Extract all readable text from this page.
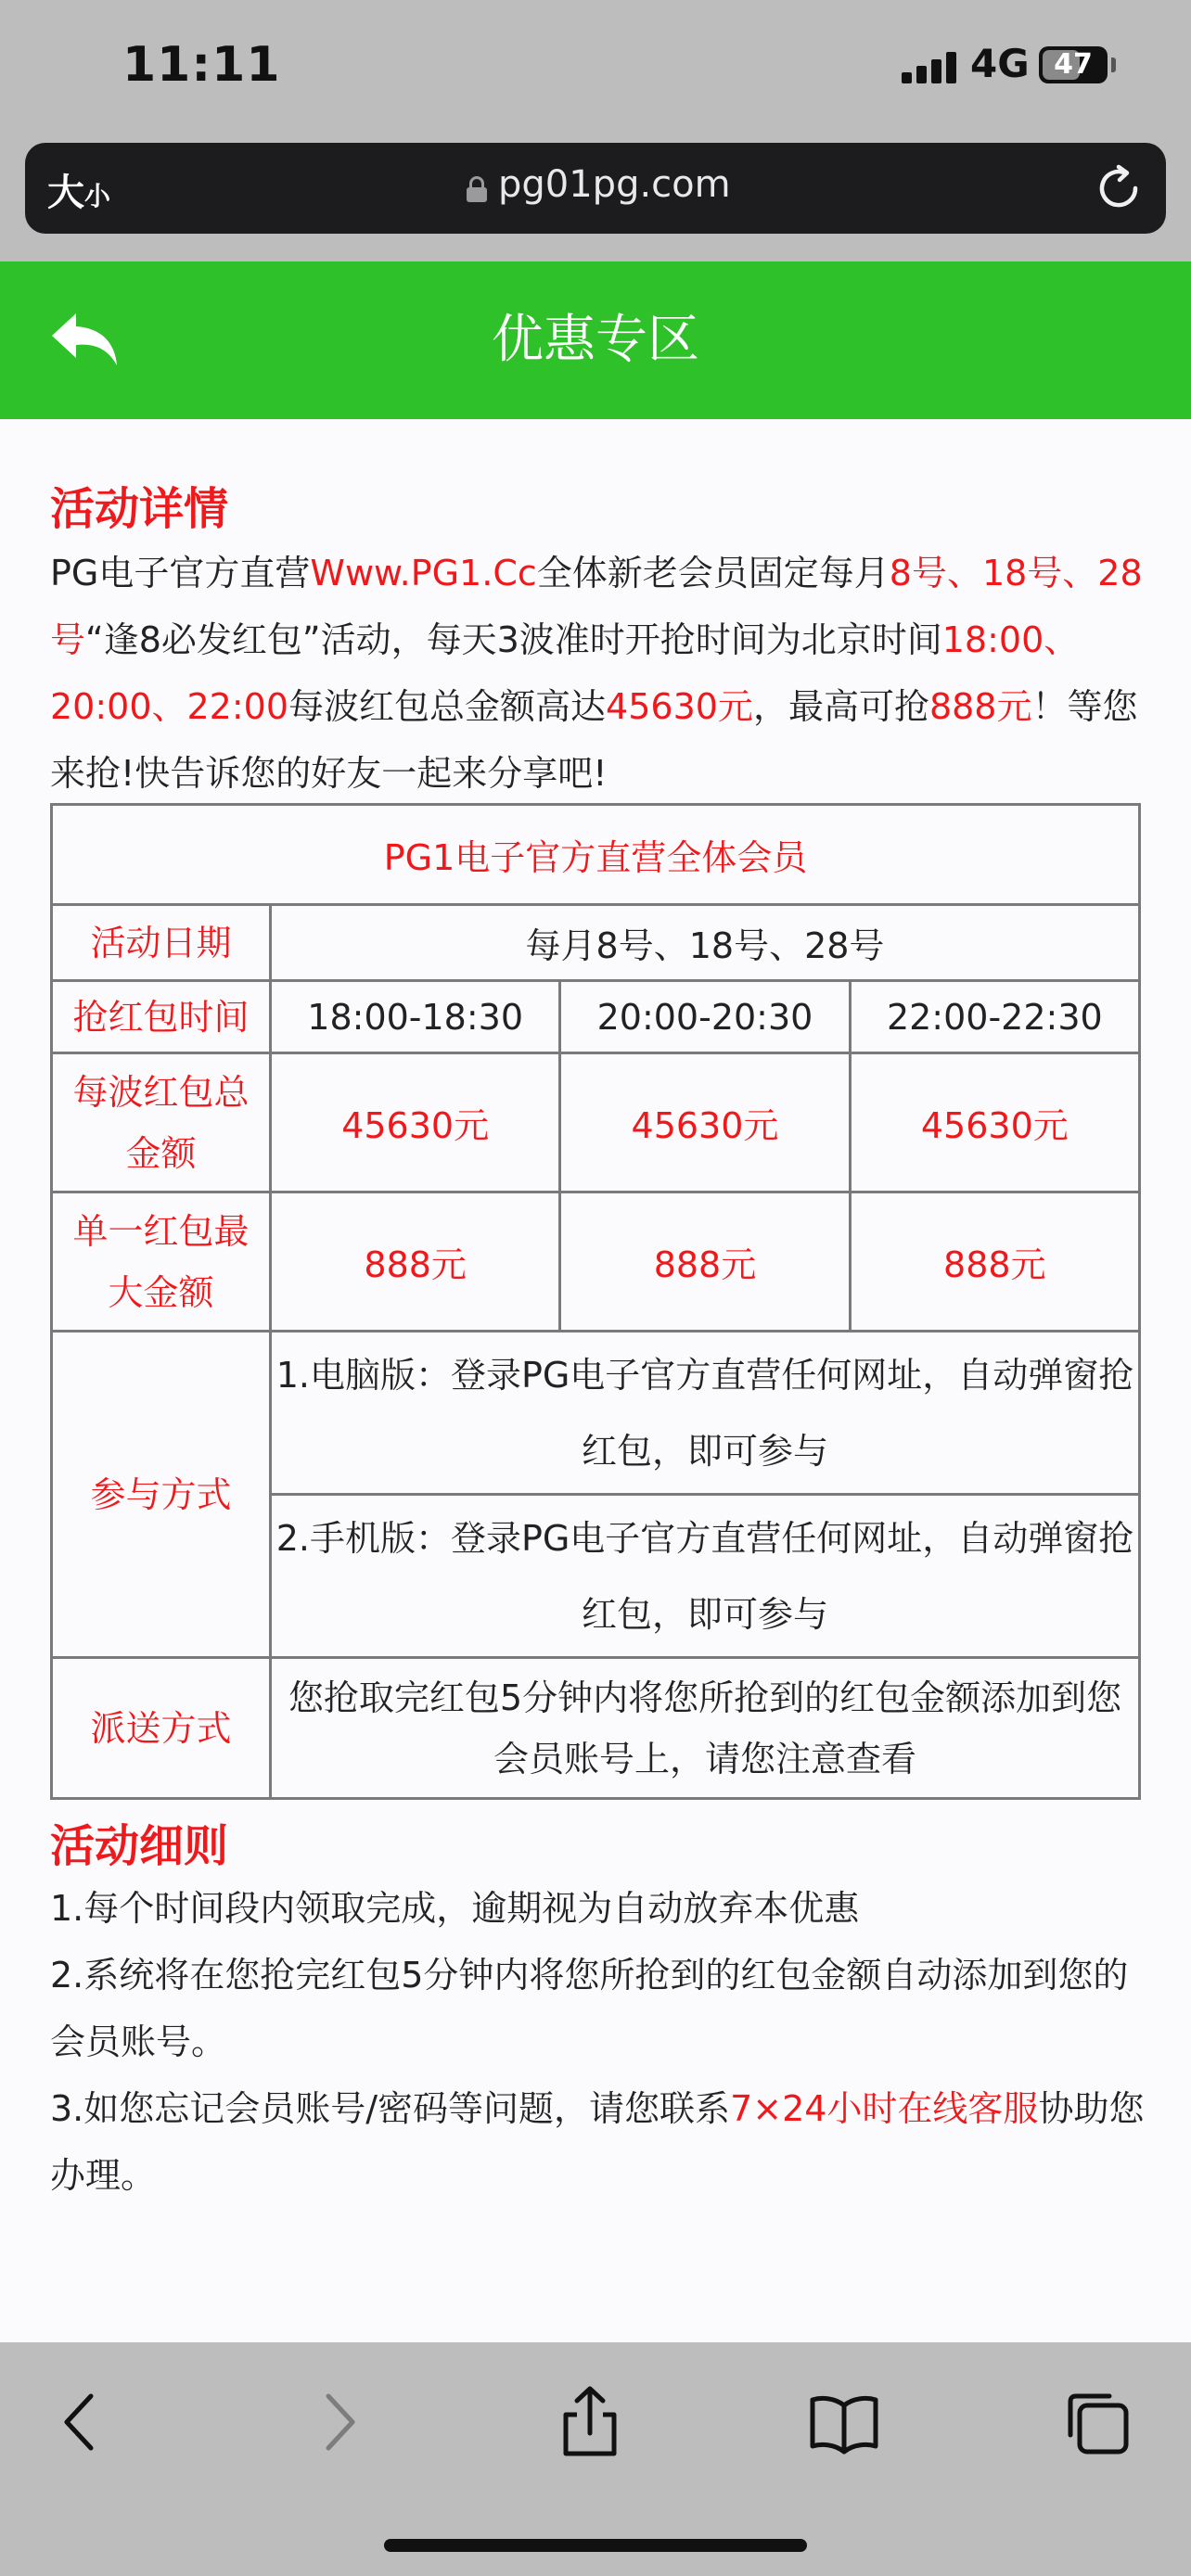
11:11	4G 47
大小	pg01pg.com
优惠专区
活动详情
PG电子官方直营Www.PG1.Cc全体新老会员固定每月8号、18号、28号“逢8必发红包”活动，每天3波准时开抢时间为北京时间18:00、20:00、22:00每波红包总金额高达45630元，最高可抢888元！等您来抢!快告诉您的好友一起来分享吧!
PG1电子官方直营全体会员			
活动日期	每月8号、18号、28号		
抢红包时间	18:00-18:30	20:00-20:30	22:00-22:30
每波红包总金额	45630元	45630元	45630元
单一红包最大金额	888元	888元	888元
参与方式	1.电脑版：登录PG电子官方直营任何网址，自动弹窗抢红包，即可参与		
	2.手机版：登录PG电子官方直营任何网址，自动弹窗抢红包，即可参与		
派送方式	您抢取完红包5分钟内将您所抢到的红包金额添加到您会员账号上，请您注意查看		
活动细则
1.每个时间段内领取完成，逾期视为自动放弃本优惠
2.系统将在您抢完红包5分钟内将您所抢到的红包金额自动添加到您的会员账号。
3.如您忘记会员账号/密码等问题，请您联系7×24小时在线客服协助您办理。
